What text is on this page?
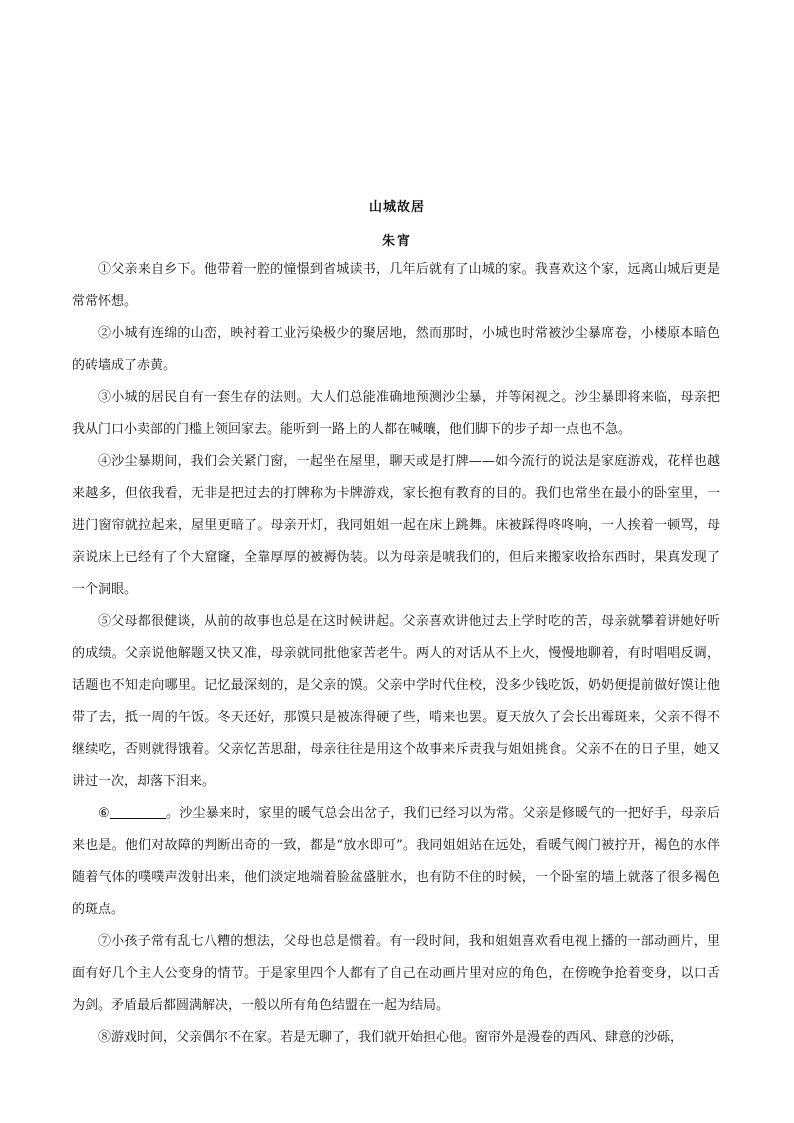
山城故居
朱宵

①父亲来自乡下。他带着一腔的憧憬到省城读书，几年后就有了山城的家。我喜欢这个家，远离山城后更是常常怀想。

②小城有连绵的山峦，映衬着工业污染极少的聚居地，然而那时，小城也时常被沙尘暴席卷，小楼原本暗色的砖墙成了赤黄。

③小城的居民自有一套生存的法则。大人们总能准确地预测沙尘暴，并等闲视之。沙尘暴即将来临，母亲把我从门口小卖部的门槛上领回家去。能听到一路上的人都在喊嚷，他们脚下的步子却一点也不急。

④沙尘暴期间，我们会关紧门窗，一起坐在屋里，聊天或是打牌——如今流行的说法是家庭游戏，花样也越来越多，但依我看，无非是把过去的打牌称为卡牌游戏，家长抱有教育的目的。我们也常坐在最小的卧室里，一进门窗帘就拉起来，屋里更暗了。母亲开灯，我同姐姐一起在床上跳舞。床被踩得咚咚响，一人挨着一顿骂，母亲说床上已经有了个大窟窿，全靠厚厚的被褥伪装。以为母亲是唬我们的，但后来搬家收拾东西时，果真发现了一个洞眼。

⑤父母都很健谈，从前的故事也总是在这时候讲起。父亲喜欢讲他过去上学时吃的苦，母亲就攀着讲她好听的成绩。父亲说他解题又快又准，母亲就同批他家苦老牛。两人的对话从不上火，慢慢地聊着，有时唱唱反调，话题也不知走向哪里。记忆最深刻的，是父亲的馍。父亲中学时代住校，没多少钱吃饭，奶奶便提前做好馍让他带了去，抵一周的午饭。冬天还好，那馍只是被冻得硬了些，啃来也罢。夏天放久了会长出霉斑来，父亲不得不继续吃，否则就得饿着。父亲忆苦思甜，母亲往往是用这个故事来斥责我与姐姐挑食。父亲不在的日子里，她又讲过一次，却落下泪来。

⑥	。沙尘暴来时，家里的暖气总会出岔子，我们已经习以为常。父亲是修暖气的一把好手，母亲后来也是。他们对故障的判断出奇的一致，都是“放水即可”。我同姐姐站在远处，看暖气阀门被拧开，褐色的水伴随着气体的噗噗声泼射出来，他们淡定地端着脸盆盛脏水，也有防不住的时候，一个卧室的墙上就落了很多褐色的斑点。

⑦小孩子常有乱七八糟的想法，父母也总是惯着。有一段时间，我和姐姐喜欢看电视上播的一部动画片，里面有好几个主人公变身的情节。于是家里四个人都有了自己在动画片里对应的角色，在傍晚争抢着变身，以口舌为剑。矛盾最后都圆满解决，一般以所有角色结盟在一起为结局。

⑧游戏时间，父亲偶尔不在家。若是无聊了，我们就开始担心他。窗帘外是漫卷的西风、肆意的沙砾，
